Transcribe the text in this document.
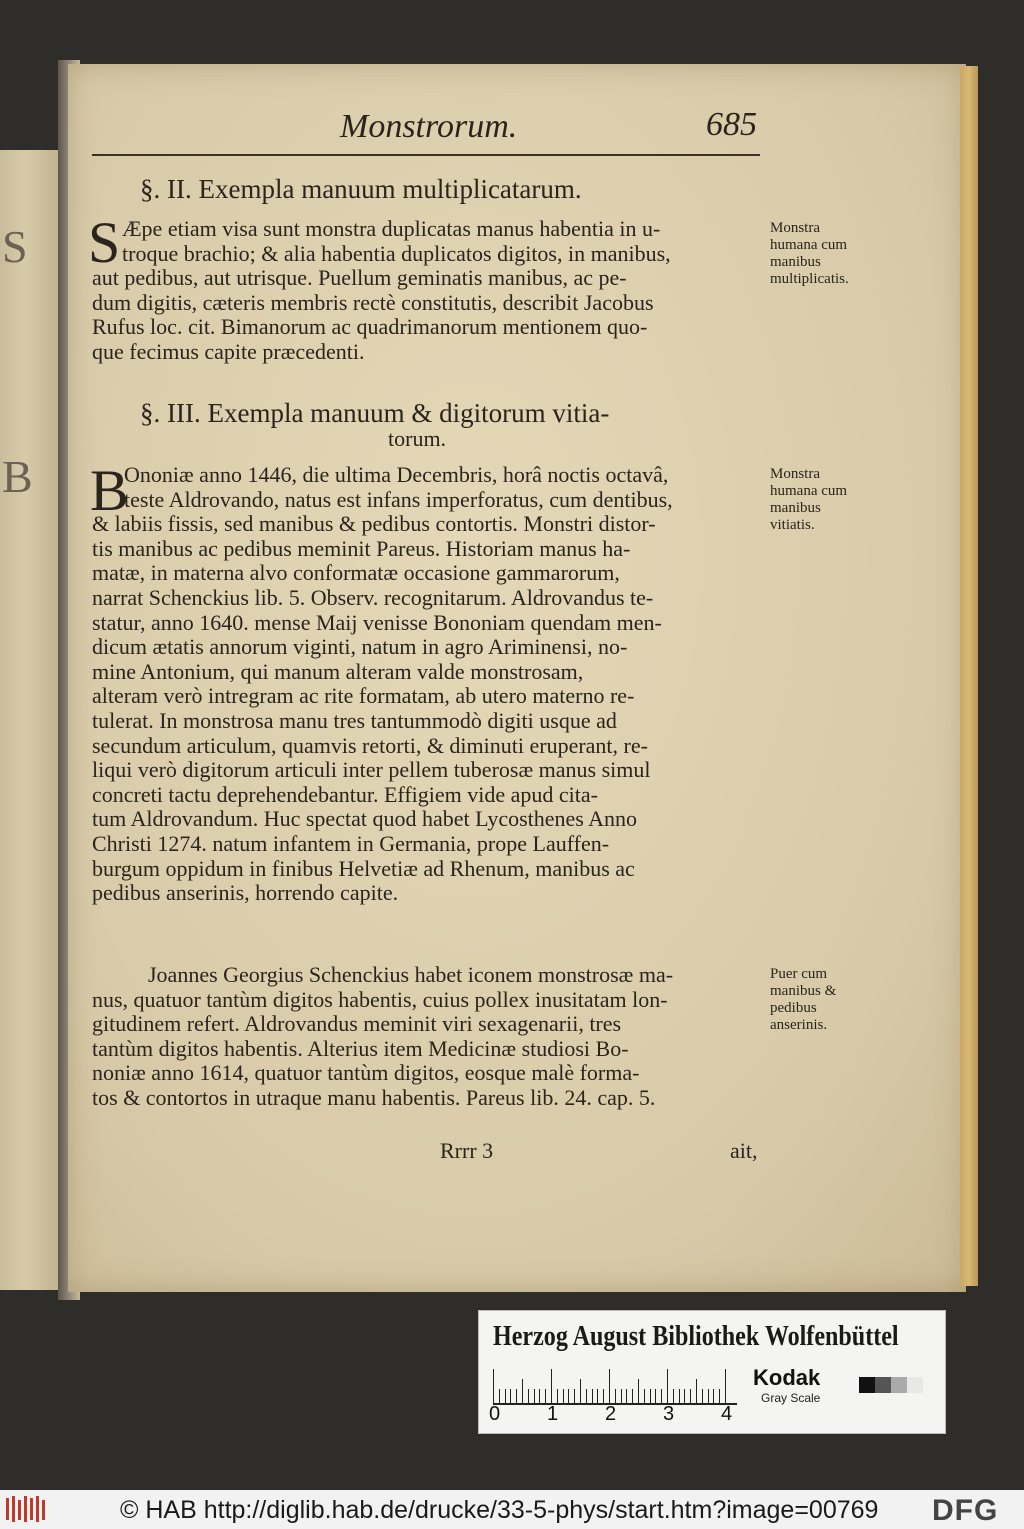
S
B
Monstrorum.	685
§. II. Exempla manuum multiplicatarum.
S Æpe etiam visa sunt monstra duplicatas manus habentia in u-
troque brachio; & alia habentia duplicatos digitos, in manibus,
aut pedibus, aut utrisque. Puellum geminatis manibus, ac pe-
dum digitis, cæteris membris rectè constitutis, describit Jacobus
Rufus loc. cit. Bimanorum ac quadrimanorum mentionem quo-
que fecimus capite præcedenti.
Monstra humana cum manibus multiplicatis.
§. III. Exempla manuum & digitorum vitia-
torum.
B
Ononiæ anno 1446, die ultima Decembris, horâ noctis octavâ,
teste Aldrovando, natus est infans imperforatus, cum dentibus,
& labiis fissis, sed manibus & pedibus contortis. Monstri distor-
tis manibus ac pedibus meminit Pareus. Historiam manus ha-
matæ, in materna alvo conformatæ occasione gammarorum,
narrat Schenckius lib. 5. Observ. recognitarum. Aldrovandus te-
statur, anno 1640. mense Maij venisse Bononiam quendam men-
dicum ætatis annorum viginti, natum in agro Ariminensi, no-
mine Antonium, qui manum alteram valde monstrosam,
alteram verò intregram ac rite formatam, ab utero materno re-
tulerat. In monstrosa manu tres tantummodò digiti usque ad
secundum articulum, quamvis retorti, & diminuti eruperant, re-
liqui verò digitorum articuli inter pellem tuberosæ manus simul
concreti tactu deprehendebantur. Effigiem vide apud cita-
tum Aldrovandum. Huc spectat quod habet Lycosthenes Anno
Christi 1274. natum infantem in Germania, prope Lauffen-
burgum oppidum in finibus Helvetiæ ad Rhenum, manibus ac
pedibus anserinis, horrendo capite.
Monstra humana cum manibus vitiatis.
Joannes Georgius Schenckius habet iconem monstrosæ ma-
nus, quatuor tantùm digitos habentis, cuius pollex inusitatam lon-
gitudinem refert. Aldrovandus meminit viri sexagenarii, tres
tantùm digitos habentis. Alterius item Medicinæ studiosi Bo-
noniæ anno 1614, quatuor tantùm digitos, eosque malè forma-
tos & contortos in utraque manu habentis. Pareus lib. 24. cap. 5.
Puer cum manibus & pedibus anserinis.
Rrrr 3	ait,
Herzog August Bibliothek Wolfenbüttel
0 1 2 3 4
Kodak
Gray Scale
© HAB http://diglib.hab.de/drucke/33-5-phys/start.htm?image=00769 DFG
